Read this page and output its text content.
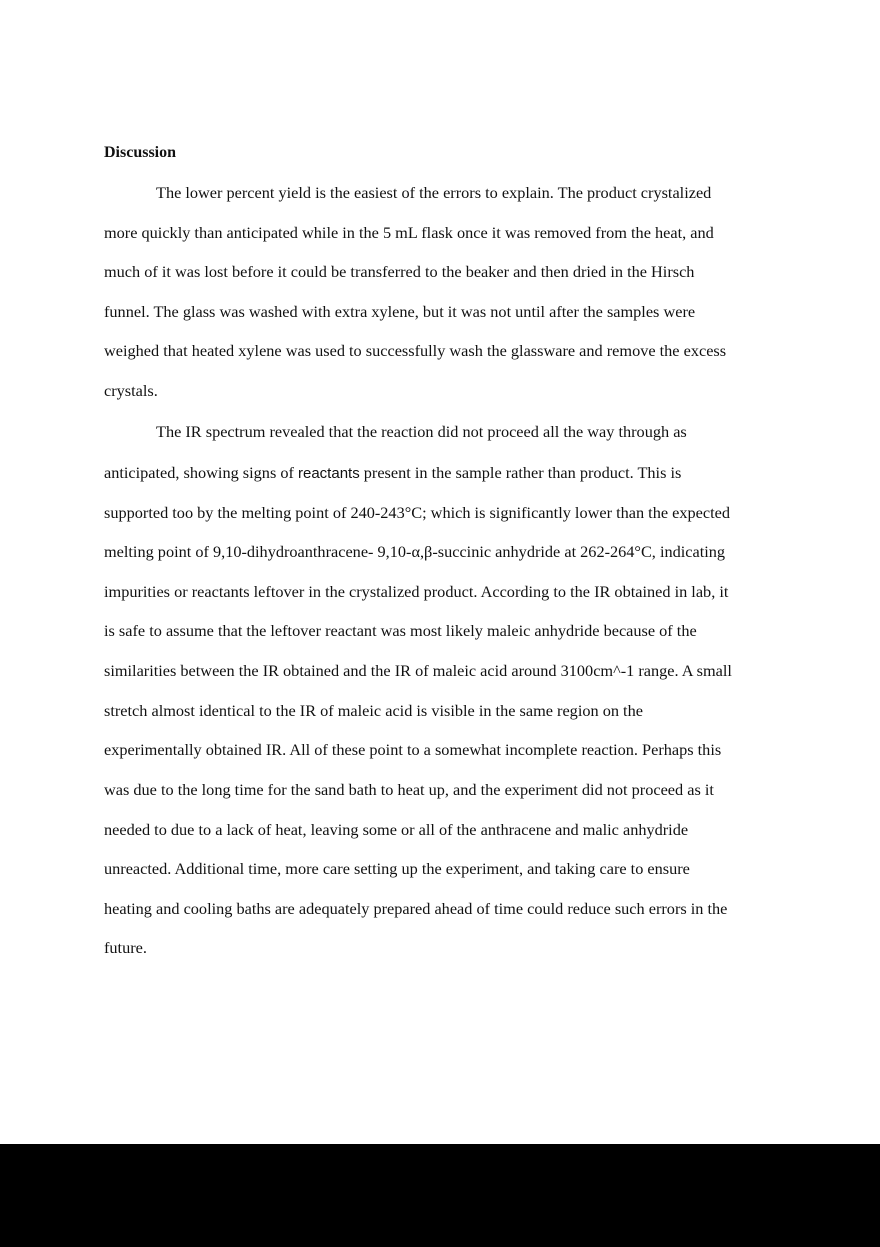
Discussion

The lower percent yield is the easiest of the errors to explain. The product crystalized

more quickly than anticipated while in the 5 mL flask once it was removed from the heat, and

much of it was lost before it could be transferred to the beaker and then dried in the Hirsch

funnel. The glass was washed with extra xylene, but it was not until after the samples were

weighed that heated xylene was used to successfully wash the glassware and remove the excess

crystals.

The IR spectrum revealed that the reaction did not proceed all the way through as

anticipated, showing signs of reactants present in the sample rather than product. This is

supported too by the melting point of 240-243°C; which is significantly lower than the expected

melting point of 9,10-dihydroanthracene- 9,10-α,β-succinic anhydride at 262-264°C, indicating

impurities or reactants leftover in the crystalized product. According to the IR obtained in lab, it

is safe to assume that the leftover reactant was most likely maleic anhydride because of the

similarities between the IR obtained and the IR of maleic acid around 3100cm^-1 range. A small

stretch almost identical to the IR of maleic acid is visible in the same region on the

experimentally obtained IR. All of these point to a somewhat incomplete reaction. Perhaps this

was due to the long time for the sand bath to heat up, and the experiment did not proceed as it

needed to due to a lack of heat, leaving some or all of the anthracene and malic anhydride

unreacted. Additional time, more care setting up the experiment, and taking care to ensure

heating and cooling baths are adequately prepared ahead of time could reduce such errors in the

future.
